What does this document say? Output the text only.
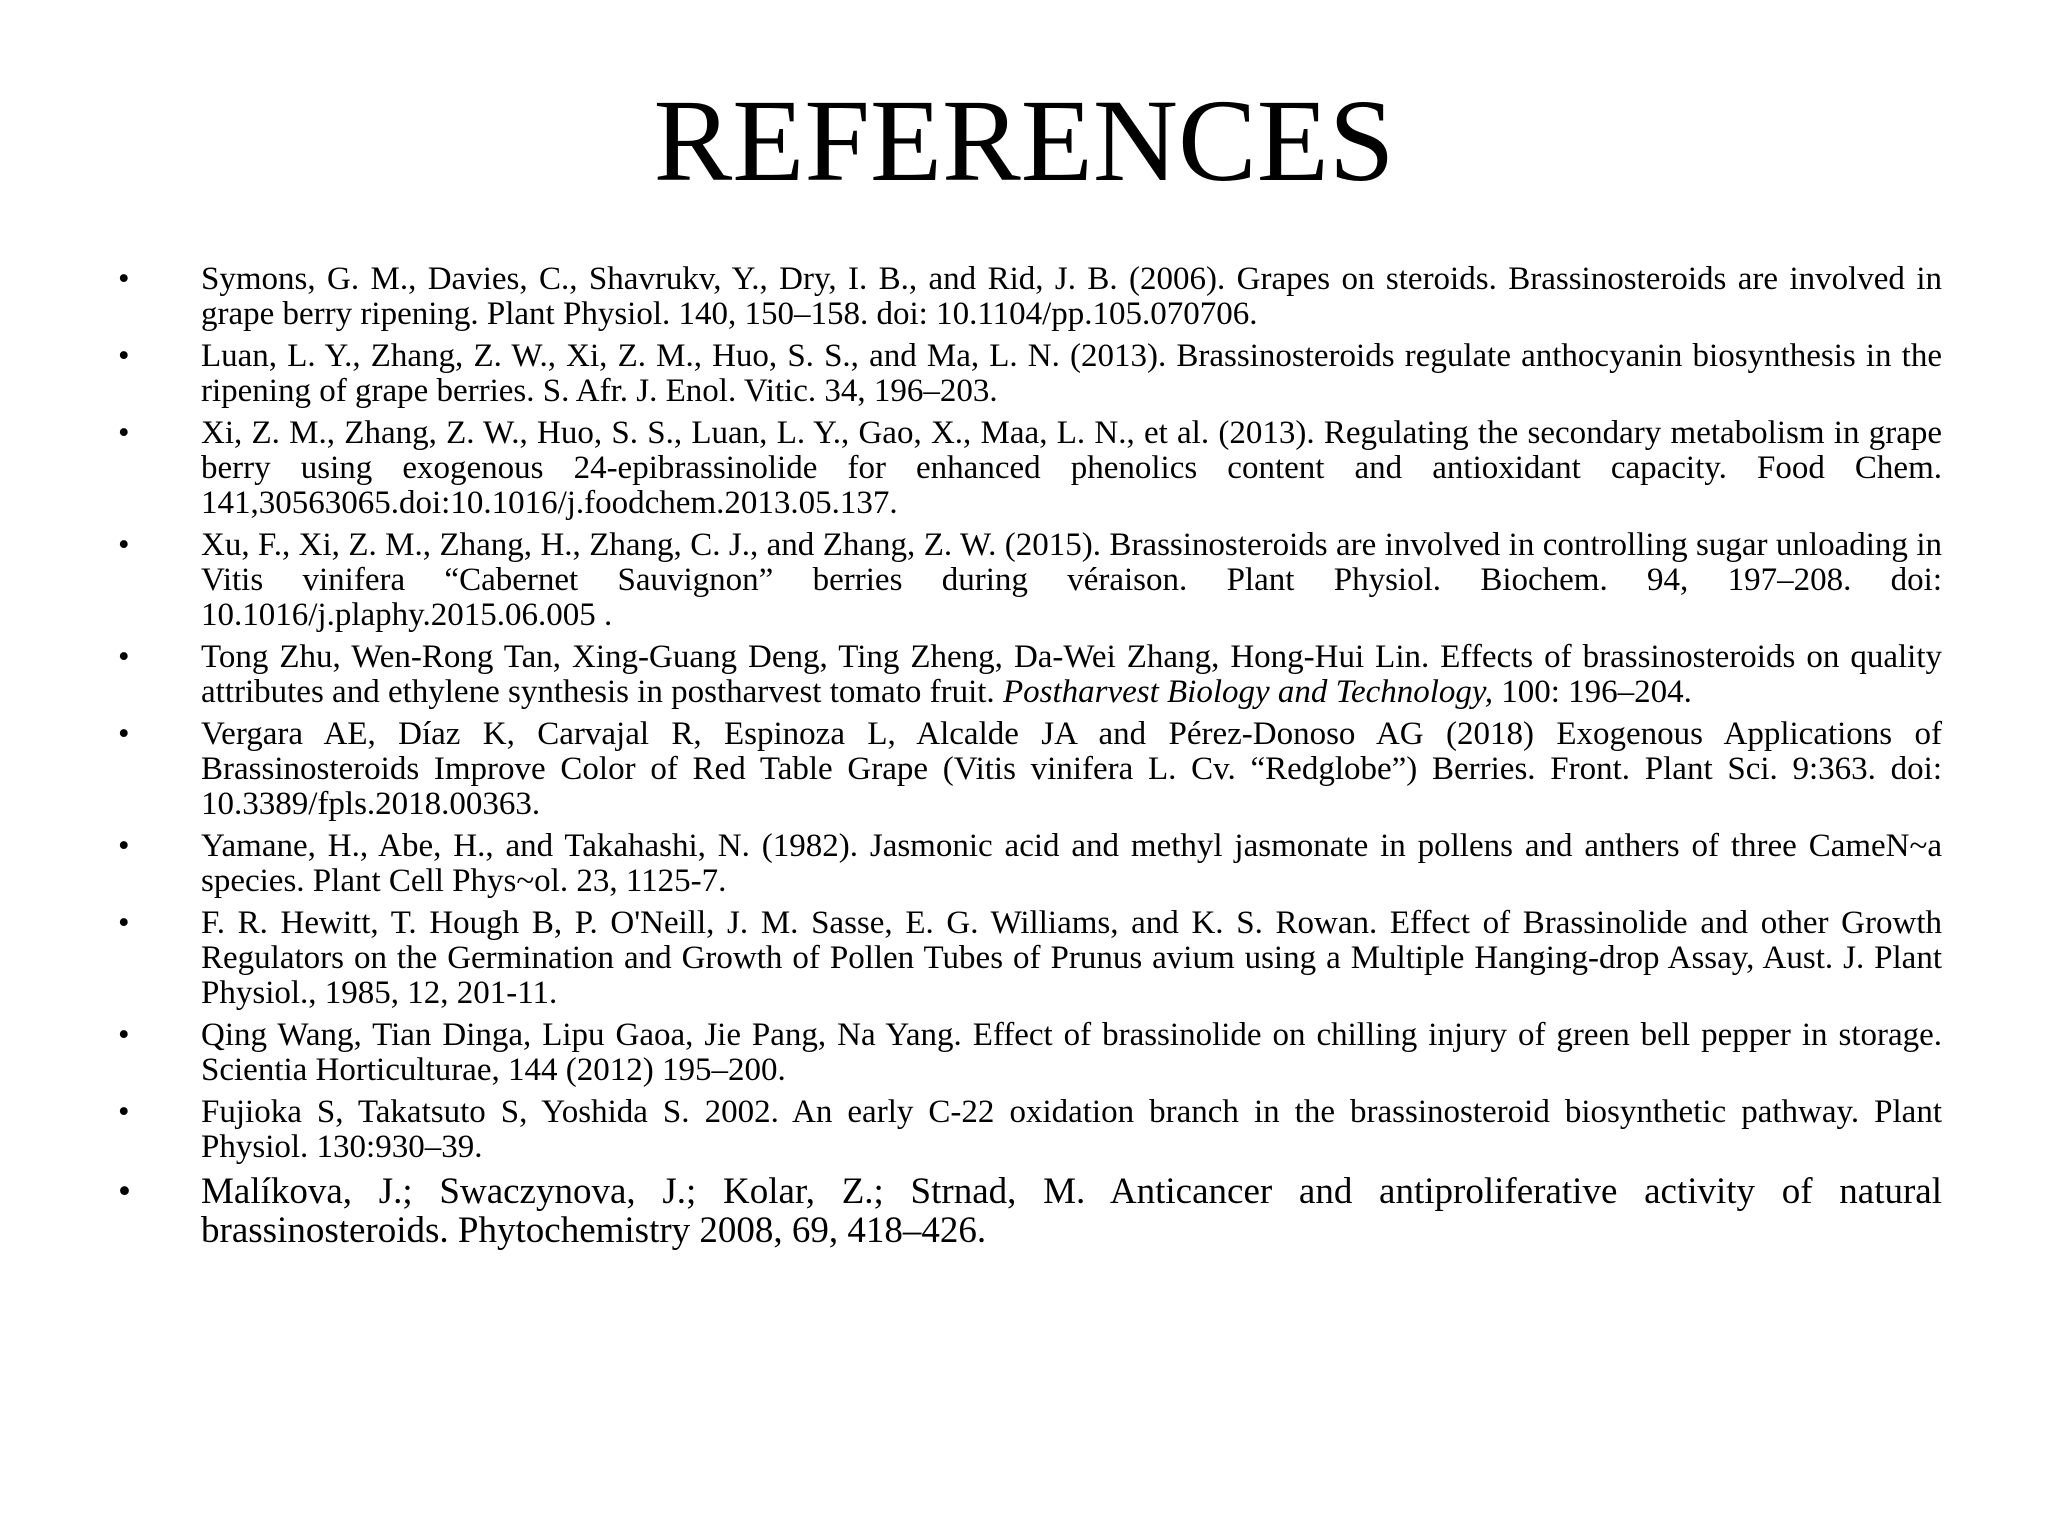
REFERENCES
•	Symons, G. M., Davies, C., Shavrukv, Y., Dry, I. B., and Rid, J. B. (2006). Grapes on steroids. Brassinosteroids are involved in grape berry ripening. Plant Physiol. 140, 150–158. doi: 10.1104/pp.105.070706.
•	Luan, L. Y., Zhang, Z. W., Xi, Z. M., Huo, S. S., and Ma, L. N. (2013). Brassinosteroids regulate anthocyanin biosynthesis in the ripening of grape berries. S. Afr. J. Enol. Vitic. 34, 196–203.
•	Xi, Z. M., Zhang, Z. W., Huo, S. S., Luan, L. Y., Gao, X., Maa, L. N., et al. (2013). Regulating the secondary metabolism in grape berry using exogenous 24-epibrassinolide for enhanced phenolics content and antioxidant capacity. Food Chem. 141,30563065.doi:10.1016/j.foodchem.2013.05.137.
•	Xu, F., Xi, Z. M., Zhang, H., Zhang, C. J., and Zhang, Z. W. (2015). Brassinosteroids are involved in controlling sugar unloading in Vitis vinifera “Cabernet Sauvignon” berries during véraison. Plant Physiol. Biochem. 94, 197–208. doi: 10.1016/j.plaphy.2015.06.005 .
•	Tong Zhu, Wen-Rong Tan, Xing-Guang Deng, Ting Zheng, Da-Wei Zhang, Hong-Hui Lin. Effects of brassinosteroids on quality attributes and ethylene synthesis in postharvest tomato fruit. Postharvest Biology and Technology, 100: 196–204.
•	Vergara AE, Díaz K, Carvajal R, Espinoza L, Alcalde JA and Pérez-Donoso AG (2018) Exogenous Applications of Brassinosteroids Improve Color of Red Table Grape (Vitis vinifera L. Cv. “Redglobe”) Berries. Front. Plant Sci. 9:363. doi: 10.3389/fpls.2018.00363.
•	Yamane, H., Abe, H., and Takahashi, N. (1982). Jasmonic acid and methyl jasmonate in pollens and anthers of three CameN~a species. Plant Cell Phys~ol. 23, 1125-7.
•	F. R. Hewitt, T. Hough B, P. O'Neill, J. M. Sasse, E. G. Williams, and K. S. Rowan. Effect of Brassinolide and other Growth Regulators on the Germination and Growth of Pollen Tubes of Prunus avium using a Multiple Hanging-drop Assay, Aust. J. Plant Physiol., 1985, 12, 201-11.
•	Qing Wang, Tian Dinga, Lipu Gaoa, Jie Pang, Na Yang. Effect of brassinolide on chilling injury of green bell pepper in storage. Scientia Horticulturae, 144 (2012) 195–200.
•	Fujioka S, Takatsuto S, Yoshida S. 2002. An early C-22 oxidation branch in the brassinosteroid biosynthetic pathway. Plant Physiol. 130:930–39.
•	Malíkova, J.; Swaczynova, J.; Kolar, Z.; Strnad, M. Anticancer and antiproliferative activity of natural brassinosteroids. Phytochemistry 2008, 69, 418–426.
